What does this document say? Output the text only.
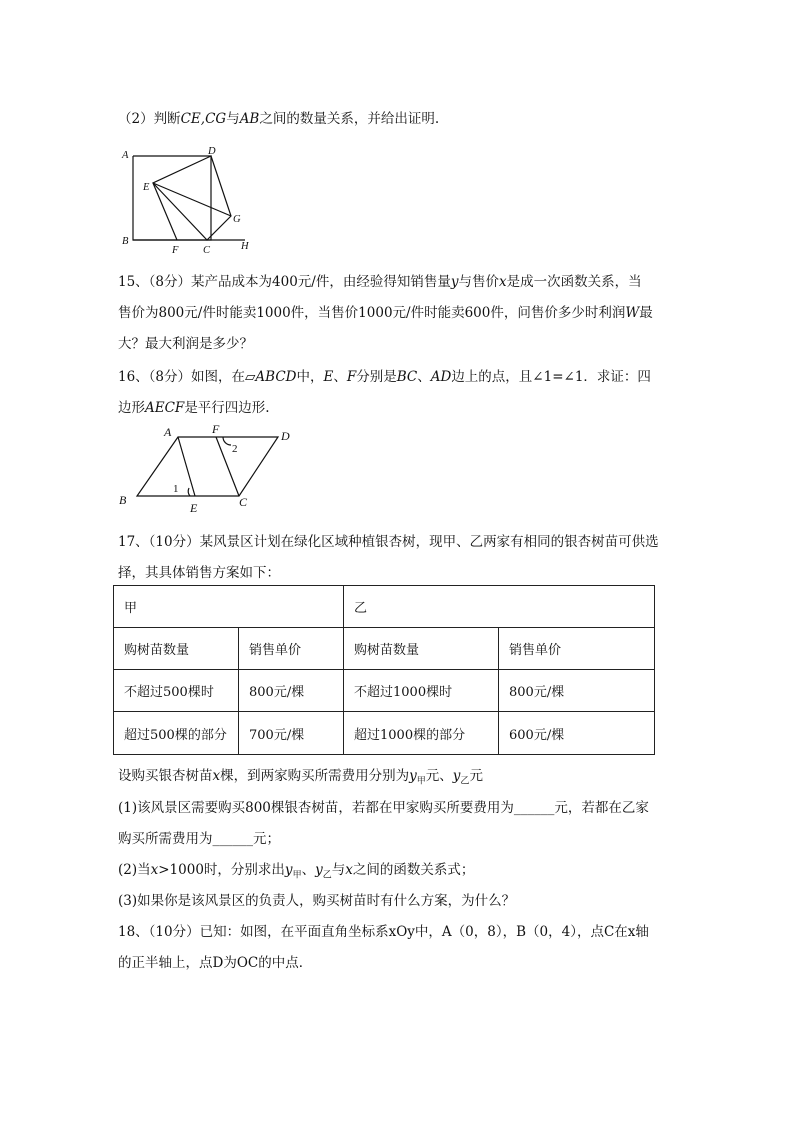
（2）判断CE,CG与AB之间的数量关系，并给出证明.
A	D
E
G
B
F C	H
15、（8分）某产品成本为400元/件，由经验得知销售量y与售价x是成一次函数关系，当
售价为800元/件时能卖1000件，当售价1000元/件时能卖600件，问售价多少时利润W最
大？最大利润是多少？
16、（8分）如图，在▱ABCD中，E、F分别是BC、AD边上的点，且∠1=∠1．求证：四
边形AECF是平行四边形.
A	F	D
B
E	C
2
1
17、（10分）某风景区计划在绿化区域种植银杏树，现甲、乙两家有相同的银杏树苗可供选
择，其具体销售方案如下：
甲		乙	
购树苗数量	销售单价	购树苗数量	销售单价
不超过500棵时	800元/棵	不超过1000棵时	800元/棵
超过500棵的部分	700元/棵	超过1000棵的部分	600元/棵
设购买银杏树苗x棵，到两家购买所需费用分别为$y_甲$元、$y_乙$元
(1)该风景区需要购买800棵银杏树苗，若都在甲家购买所要费用为______元，若都在乙家
购买所需费用为______元；
(2)当x>1000时，分别求出$y_甲$、$y_乙$与x之间的函数关系式；
(3)如果你是该风景区的负责人，购买树苗时有什么方案，为什么？
18、（10分）已知：如图，在平面直角坐标系xOy中，A（0，8），B（0，4），点C在x轴
的正半轴上，点D为OC的中点．
